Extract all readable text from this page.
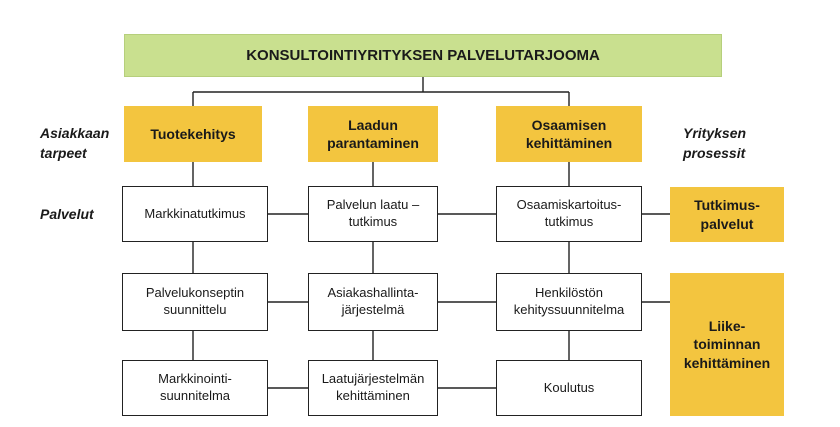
KONSULTOINTIYRITYKSEN PALVELUTARJOOMA
Asiakkaan
tarpeet
Palvelut
Yrityksen
prosessit
Tuotekehitys
Laadun
parantaminen
Osaamisen
kehittäminen
Markkinatutkimus
Palvelun laatu –
tutkimus
Osaamiskartoitus-
tutkimus
Palvelukonseptin
suunnittelu
Asiakashallinta-
järjestelmä
Henkilöstön
kehityssuunnitelma
Markkinointi-
suunnitelma
Laatujärjestelmän
kehittäminen
Koulutus
Tutkimus-
palvelut
Liike-
toiminnan
kehittäminen
